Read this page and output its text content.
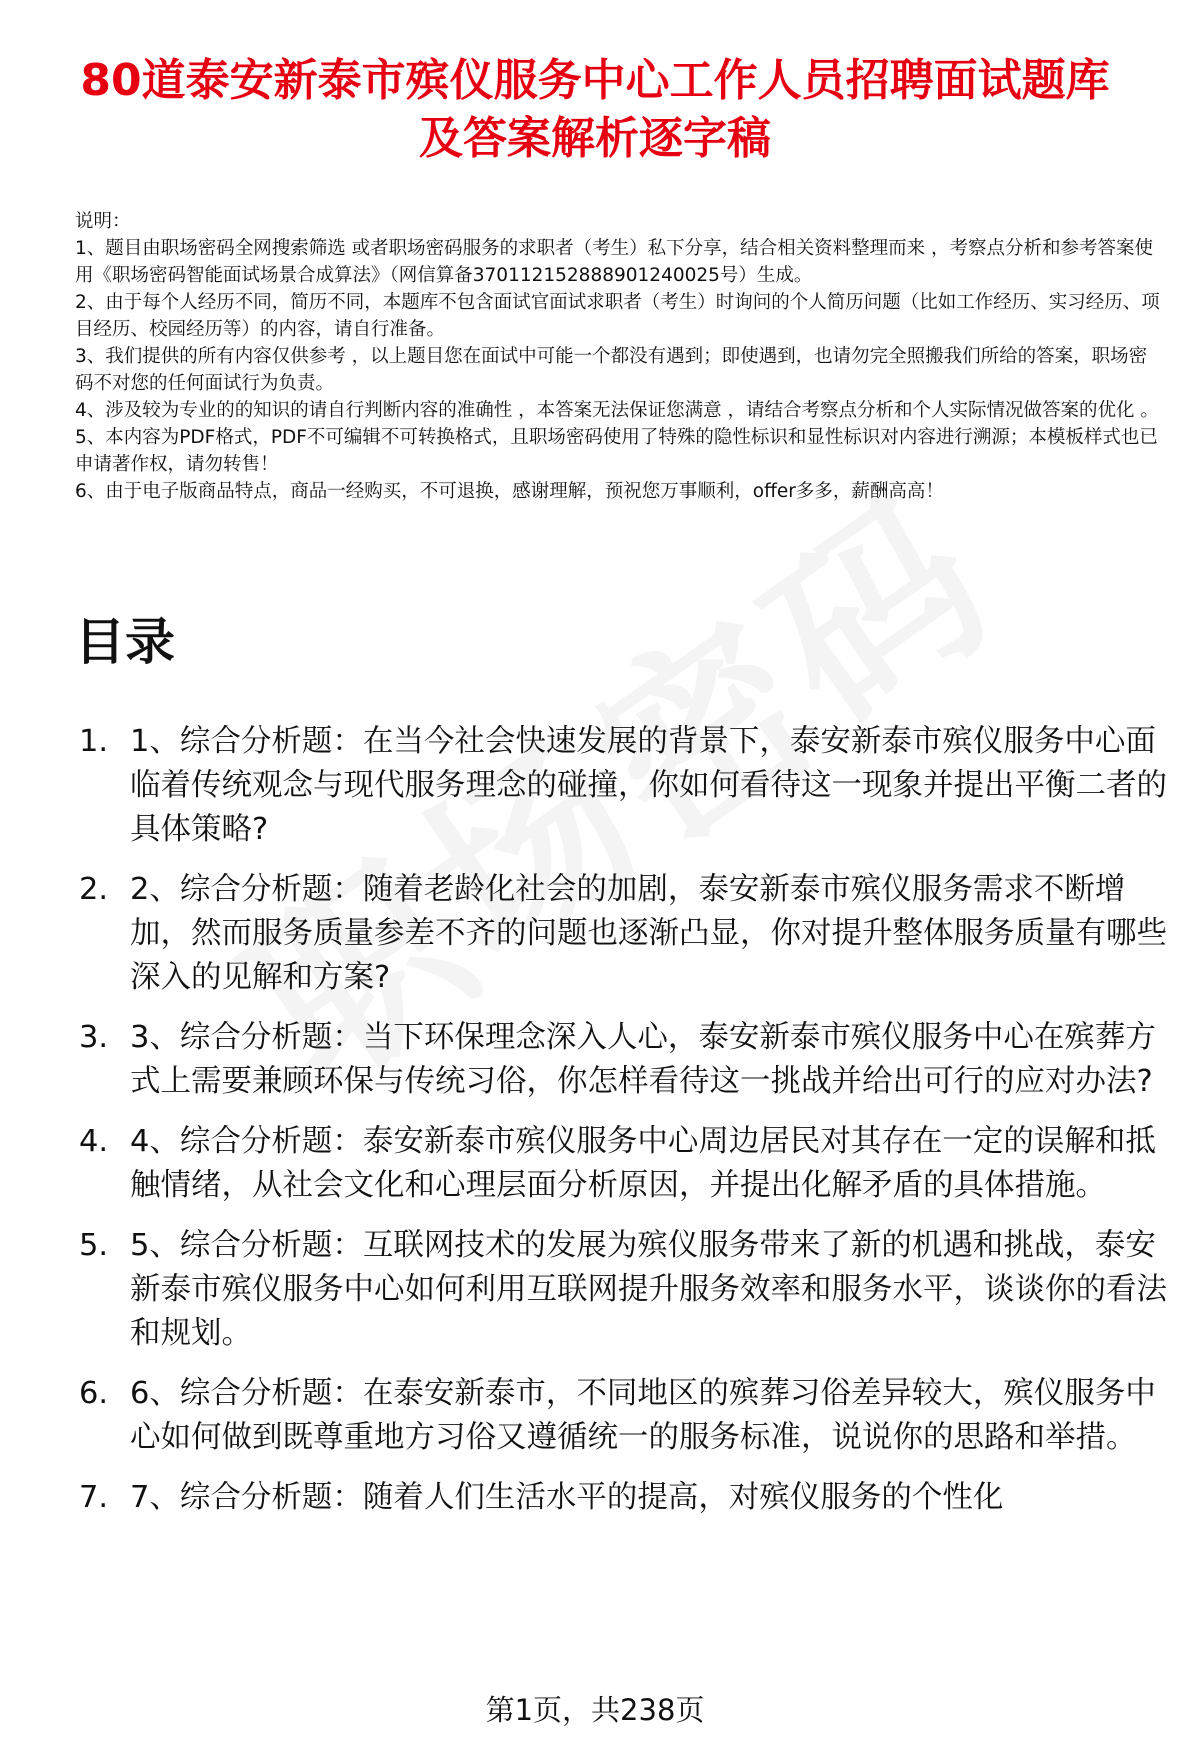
80道泰安新泰市殡仪服务中心工作人员招聘面试题库及答案解析逐字稿

说明：

1、题目由职场密码全网搜索筛选 或者职场密码服务的求职者（考生）私下分享，结合相关资料整理而来 ，考察点分析和参考答案使用《职场密码智能面试场景合成算法》（网信算备370112152888901240025号）生成。

2、由于每个人经历不同，简历不同，本题库不包含面试官面试求职者（考生）时询问的个人简历问题（比如工作经历、实习经历、项目经历、校园经历等）的内容，请自行准备。

3、我们提供的所有内容仅供参考 ，以上题目您在面试中可能一个都没有遇到；即使遇到，也请勿完全照搬我们所给的答案，职场密码不对您的任何面试行为负责。

4、涉及较为专业的的知识的请自行判断内容的准确性 ，本答案无法保证您满意 ，请结合考察点分析和个人实际情况做答案的优化 。

5、本内容为PDF格式，PDF不可编辑不可转换格式，且职场密码使用了特殊的隐性标识和显性标识对内容进行溯源；本模板样式也已申请著作权，请勿转售！

6、由于电子版商品特点，商品一经购买，不可退换，感谢理解，预祝您万事顺利，offer多多，薪酬高高！

目录
1. 1、综合分析题：在当今社会快速发展的背景下，泰安新泰市殡仪服务中心面临着传统观念与现代服务理念的碰撞，你如何看待这一现象并提出平衡二者的具体策略?
2. 2、综合分析题：随着老龄化社会的加剧，泰安新泰市殡仪服务需求不断增加，然而服务质量参差不齐的问题也逐渐凸显，你对提升整体服务质量有哪些深入的见解和方案?
3. 3、综合分析题：当下环保理念深入人心，泰安新泰市殡仪服务中心在殡葬方式上需要兼顾环保与传统习俗，你怎样看待这一挑战并给出可行的应对办法?
4. 4、综合分析题：泰安新泰市殡仪服务中心周边居民对其存在一定的误解和抵触情绪，从社会文化和心理层面分析原因，并提出化解矛盾的具体措施。
5. 5、综合分析题：互联网技术的发展为殡仪服务带来了新的机遇和挑战，泰安新泰市殡仪服务中心如何利用互联网提升服务效率和服务水平，谈谈你的看法和规划。
6. 6、综合分析题：在泰安新泰市，不同地区的殡葬习俗差异较大，殡仪服务中心如何做到既尊重地方习俗又遵循统一的服务标准，说说你的思路和举措。
7. 7、综合分析题：随着人们生活水平的提高，对殡仪服务的个性化
第1页，共238页
